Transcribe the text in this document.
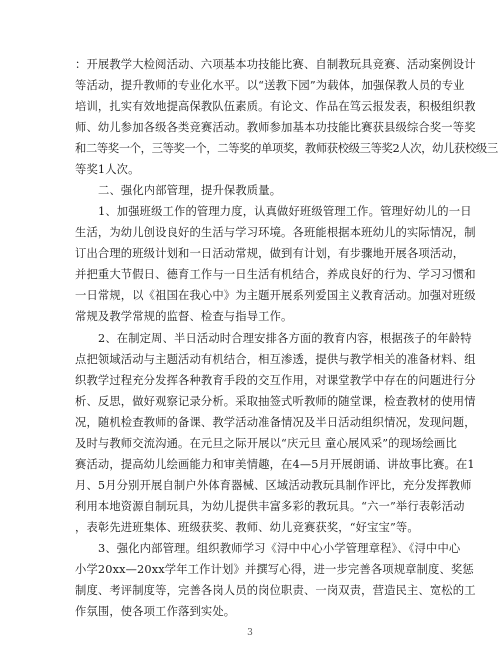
：开展教学大检阅活动、六项基本功技能比赛、自制教玩具竞赛、活动案例设计
等活动，提升教师的专业化水平。以“送教下园”为载体，加强保教人员的专业
培训，扎实有效地提高保教队伍素质。有论文、作品在笃云报发表，积极组织教
师、幼儿参加各级各类竞赛活动。教师参加基本功技能比赛获县级综合奖一等奖
和二等奖一个，三等奖一个，二等奖的单项奖，教师获校级三等奖2人次，幼儿获校级三
等奖1人次。
二、强化内部管理，提升保教质量。
1、加强班级工作的管理力度，认真做好班级管理工作。管理好幼儿的一日
生活，为幼儿创设良好的生活与学习环境。各班能根据本班幼儿的实际情况，制
订出合理的班级计划和一日活动常规，做到有计划，有步骤地开展各项活动，
并把重大节假日、德育工作与一日生活有机结合，养成良好的行为、学习习惯和
一日常规，以《祖国在我心中》为主题开展系列爱国主义教育活动。加强对班级
常规及教学常规的监督、检查与指导工作。
2、在制定周、半日活动时合理安排各方面的教育内容，根据孩子的年龄特
点把领域活动与主题活动有机结合，相互渗透，提供与教学相关的准备材料、组
织教学过程充分发挥各种教育手段的交互作用，对课堂教学中存在的问题进行分
析、反思，做好观察记录分析。采取抽签式听教师的随堂课，检查教材的使用情
况，随机检查教师的备课、教学活动准备情况及半日活动组织情况，发现问题，
及时与教师交流沟通。在元旦之际开展以“庆元旦 童心展风采”的现场绘画比
赛活动，提高幼儿绘画能力和审美情趣，在4—5月开展朗诵、讲故事比赛。在1
月、5月分别开展自制户外体育器械、区域活动教玩具制作评比，充分发挥教师
利用本地资源自制玩具，为幼儿提供丰富多彩的教玩具。“六一”举行表彰活动
，表彰先进班集体、班级获奖、教师、幼儿竞赛获奖，“好宝宝”等。
3、强化内部管理。组织教师学习《浔中中心小学管理章程》、《浔中中心
小学20xx—20xx学年工作计划》并撰写心得，进一步完善各项规章制度、奖惩
制度、考评制度等，完善各岗人员的岗位职责、一岗双责，营造民主、宽松的工
作氛围，使各项工作落到实处。
3
